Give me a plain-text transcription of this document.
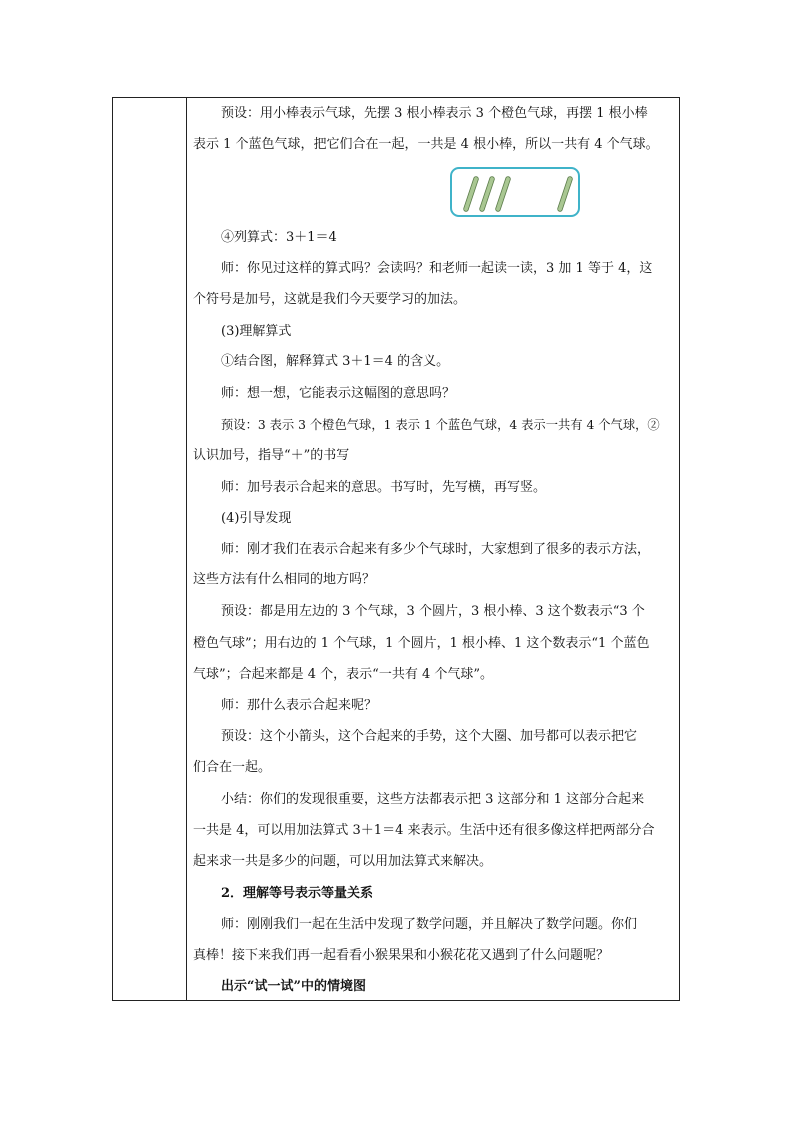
预设：用小棒表示气球，先摆 3 根小棒表示 3 个橙色气球，再摆 1 根小棒
表示 1 个蓝色气球，把它们合在一起，一共是 4 根小棒，所以一共有 4 个气球。
④列算式：3＋1＝4
师：你见过这样的算式吗？会读吗？和老师一起读一读，3 加 1 等于 4，这
个符号是加号，这就是我们今天要学习的加法。
(3)理解算式
①结合图，解释算式 3＋1＝4 的含义。
师：想一想，它能表示这幅图的意思吗？
预设：3 表示 3 个橙色气球，1 表示 1 个蓝色气球，4 表示一共有 4 个气球，②
认识加号，指导“＋”的书写
师：加号表示合起来的意思。书写时，先写横，再写竖。
(4)引导发现
师：刚才我们在表示合起来有多少个气球时，大家想到了很多的表示方法，
这些方法有什么相同的地方吗？
预设：都是用左边的 3 个气球，3 个圆片，3 根小棒、3 这个数表示“3 个
橙色气球”；用右边的 1 个气球，1 个圆片，1 根小棒、1 这个数表示“1 个蓝色
气球”；合起来都是 4 个，表示“一共有 4 个气球”。
师：那什么表示合起来呢？
预设：这个小箭头，这个合起来的手势，这个大圈、加号都可以表示把它
们合在一起。
小结：你们的发现很重要，这些方法都表示把 3 这部分和 1 这部分合起来
一共是 4，可以用加法算式 3＋1＝4 来表示。生活中还有很多像这样把两部分合
起来求一共是多少的问题，可以用加法算式来解决。
2．理解等号表示等量关系
师：刚刚我们一起在生活中发现了数学问题，并且解决了数学问题。你们
真棒！接下来我们再一起看看小猴果果和小猴花花又遇到了什么问题呢？
出示“试一试”中的情境图
